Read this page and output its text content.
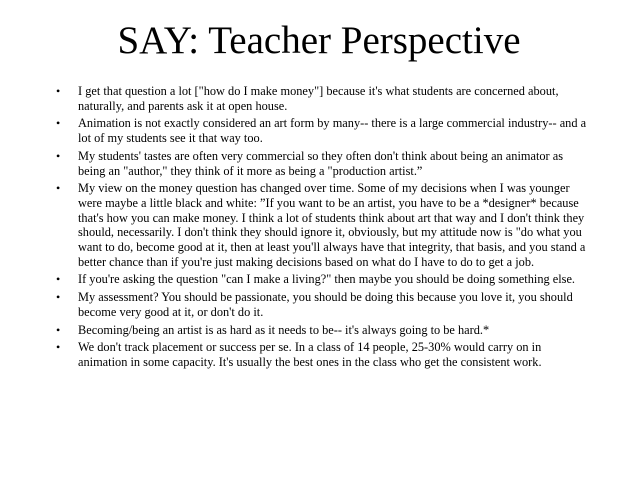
SAY: Teacher Perspective
•	I get that question a lot ["how do I make money"] because it's what students are concerned about, naturally, and parents ask it at open house.
•	Animation is not exactly considered an art form by many-- there is a large commercial industry-- and a lot of my students see it that way too.
•	My students' tastes are often very commercial so they often don't think about being an animator as being an "author," they think of it more as being a "production artist.”
•	My view on the money question has changed over time. Some of my decisions when I was younger were maybe a little black and white: ”If you want to be an artist, you have to be a *designer* because that's how you can make money. I think a lot of students think about art that way and I don't think they should, necessarily. I don't think they should ignore it, obviously, but my attitude now is "do what you want to do, become good at it, then at least you'll always have that integrity, that basis, and you stand a better chance than if you're just making decisions based on what do I have to do to get a job.
•	If you're asking the question "can I make a living?" then maybe you should be doing something else.
•	My assessment? You should be passionate, you should be doing this because you love it, you should become very good at it, or don't do it.
•	Becoming/being an artist is as hard as it needs to be-- it's always going to be hard.*
•	We don't track placement or success per se. In a class of 14 people, 25-30% would carry on in animation in some capacity. It's usually the best ones in the class who get the consistent work.
